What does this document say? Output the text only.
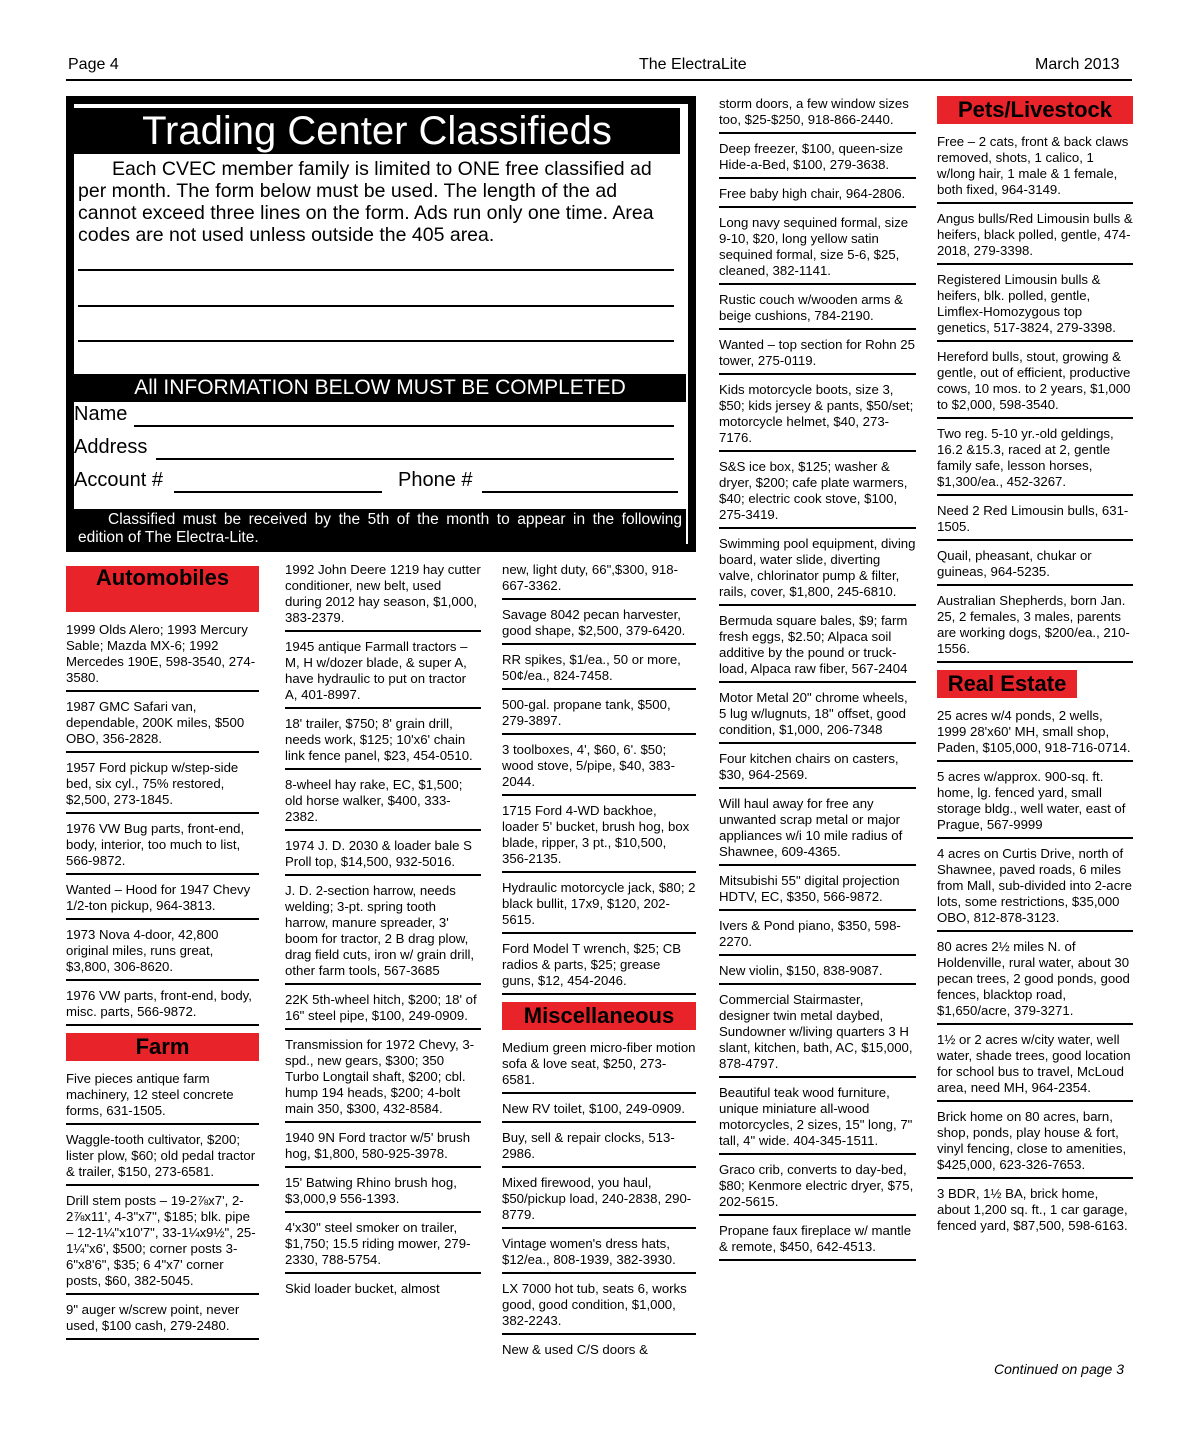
Page 4	The ElectraLite	March 2013
Trading Center Classifieds
Each CVEC member family is limited to ONE free classified ad per month. The form below must be used. The length of the ad cannot exceed three lines on the form. Ads run only one time. Area codes are not used unless outside the 405 area.
All INFORMATION BELOW MUST BE COMPLETED
Name
Address
Account #	Phone #
Classified must be received by the 5th of the month to appear in the following edition of The Electra-Lite.
Automobiles
1999 Olds Alero; 1993 Mercury Sable; Mazda MX-6; 1992 Mercedes 190E, 598-3540, 274-3580.
1987 GMC Safari van, dependable, 200K miles, $500 OBO, 356-2828.
1957 Ford pickup w/step-side bed, six cyl., 75% restored, $2,500, 273-1845.
1976 VW Bug parts, front-end, body, interior, too much to list, 566-9872.
Wanted – Hood for 1947 Chevy 1/2-ton pickup, 964-3813.
1973 Nova 4-door, 42,800 original miles, runs great, $3,800, 306-8620.
1976 VW parts, front-end, body, misc. parts, 566-9872.
Farm
Five pieces antique farm machinery, 12 steel concrete forms, 631-1505.
Waggle-tooth cultivator, $200; lister plow, $60; old pedal tractor & trailer, $150, 273-6581.
Drill stem posts – 19-2⅞x7', 2-2⅞x11', 4-3"x7", $185; blk. pipe – 12-1¼"x10'7", 33-1¼x9½", 25-1¼"x6', $500; corner posts 3-6"x8'6", $35; 6 4"x7' corner posts, $60, 382-5045.
9" auger w/screw point, never used, $100 cash, 279-2480.
1992 John Deere 1219 hay cutter conditioner, new belt, used during 2012 hay season, $1,000, 383-2379.
1945 antique Farmall tractors – M, H w/dozer blade, & super A, have hydraulic to put on tractor A, 401-8997.
18' trailer, $750; 8' grain drill, needs work, $125; 10'x6' chain link fence panel, $23, 454-0510.
8-wheel hay rake, EC, $1,500; old horse walker, $400, 333-2382.
1974 J. D. 2030 & loader bale S Proll top, $14,500, 932-5016.
J. D. 2-section harrow, needs welding; 3-pt. spring tooth harrow, manure spreader, 3' boom for tractor, 2 B drag plow, drag field cuts, iron w/ grain drill, other farm tools, 567-3685
22K 5th-wheel hitch, $200; 18' of 16" steel pipe, $100, 249-0909.
Transmission for 1972 Chevy, 3-spd., new gears, $300; 350 Turbo Longtail shaft, $200; cbl. hump 194 heads, $200; 4-bolt main 350, $300, 432-8584.
1940 9N Ford tractor w/5' brush hog, $1,800, 580-925-3978.
15' Batwing Rhino brush hog, $3,000,9 556-1393.
4'x30" steel smoker on trailer, $1,750; 15.5 riding mower, 279-2330, 788-5754.
Skid loader bucket, almost
new, light duty, 66",$300, 918-667-3362.
Savage 8042 pecan harvester, good shape, $2,500, 379-6420.
RR spikes, $1/ea., 50 or more, 50¢/ea., 824-7458.
500-gal. propane tank, $500, 279-3897.
3 toolboxes, 4', $60, 6'. $50; wood stove, 5/pipe, $40, 383-2044.
1715 Ford 4-WD backhoe, loader 5' bucket, brush hog, box blade, ripper, 3 pt., $10,500, 356-2135.
Hydraulic motorcycle jack, $80; 2 black bullit, 17x9, $120, 202-5615.
Ford Model T wrench, $25; CB radios & parts, $25; grease guns, $12, 454-2046.
Miscellaneous
Medium green micro-fiber motion sofa & love seat, $250, 273-6581.
New RV toilet, $100, 249-0909.
Buy, sell & repair clocks, 513-2986.
Mixed firewood, you haul, $50/pickup load, 240-2838, 290-8779.
Vintage women's dress hats, $12/ea., 808-1939, 382-3930.
LX 7000 hot tub, seats 6, works good, good condition, $1,000, 382-2243.
New & used C/S doors &
storm doors, a few window sizes too, $25-$250, 918-866-2440.
Deep freezer, $100, queen-size Hide-a-Bed, $100, 279-3638.
Free baby high chair, 964-2806.
Long navy sequined formal, size 9-10, $20, long yellow satin sequined formal, size 5-6, $25, cleaned, 382-1141.
Rustic couch w/wooden arms & beige cushions, 784-2190.
Wanted – top section for Rohn 25 tower, 275-0119.
Kids motorcycle boots, size 3, $50; kids jersey & pants, $50/set; motorcycle helmet, $40, 273-7176.
S&S ice box, $125; washer & dryer, $200; cafe plate warmers, $40; electric cook stove, $100, 275-3419.
Swimming pool equipment, diving board, water slide, diverting valve, chlorinator pump & filter, rails, cover, $1,800, 245-6810.
Bermuda square bales, $9; farm fresh eggs, $2.50; Alpaca soil additive by the pound or truck-load, Alpaca raw fiber, 567-2404
Motor Metal 20" chrome wheels, 5 lug w/lugnuts, 18" offset, good condition, $1,000, 206-7348
Four kitchen chairs on casters, $30, 964-2569.
Will haul away for free any unwanted scrap metal or major appliances w/i 10 mile radius of Shawnee, 609-4365.
Mitsubishi 55" digital projection HDTV, EC, $350, 566-9872.
Ivers & Pond piano, $350, 598-2270.
New violin, $150, 838-9087.
Commercial Stairmaster, designer twin metal daybed, Sundowner w/living quarters 3 H slant, kitchen, bath, AC, $15,000, 878-4797.
Beautiful teak wood furniture, unique miniature all-wood motorcycles, 2 sizes, 15" long, 7" tall, 4" wide. 404-345-1511.
Graco crib, converts to day-bed, $80; Kenmore electric dryer, $75, 202-5615.
Propane faux fireplace w/ mantle & remote, $450, 642-4513.
Pets/Livestock
Free – 2 cats, front & back claws removed, shots, 1 calico, 1 w/long hair, 1 male & 1 female, both fixed, 964-3149.
Angus bulls/Red Limousin bulls & heifers, black polled, gentle, 474-2018, 279-3398.
Registered Limousin bulls & heifers, blk. polled, gentle, Limflex-Homozygous top genetics, 517-3824, 279-3398.
Hereford bulls, stout, growing & gentle, out of efficient, productive cows, 10 mos. to 2 years, $1,000 to $2,000, 598-3540.
Two reg. 5-10 yr.-old geldings, 16.2 &15.3, raced at 2, gentle family safe, lesson horses, $1,300/ea., 452-3267.
Need 2 Red Limousin bulls, 631-1505.
Quail, pheasant, chukar or guineas, 964-5235.
Australian Shepherds, born Jan. 25, 2 females, 3 males, parents are working dogs, $200/ea., 210-1556.
Real Estate
25 acres w/4 ponds, 2 wells, 1999 28'x60' MH, small shop, Paden, $105,000, 918-716-0714.
5 acres w/approx. 900-sq. ft. home, lg. fenced yard, small storage bldg., well water, east of Prague, 567-9999
4 acres on Curtis Drive, north of Shawnee, paved roads, 6 miles from Mall, sub-divided into 2-acre lots, some restrictions, $35,000 OBO, 812-878-3123.
80 acres 2½ miles N. of Holdenville, rural water, about 30 pecan trees, 2 good ponds, good fences, blacktop road, $1,650/acre, 379-3271.
1½ or 2 acres w/city water, well water, shade trees, good location for school bus to travel, McLoud area, need MH, 964-2354.
Brick home on 80 acres, barn, shop, ponds, play house & fort, vinyl fencing, close to amenities, $425,000, 623-326-7653.
3 BDR, 1½ BA, brick home, about 1,200 sq. ft., 1 car garage, fenced yard, $87,500, 598-6163.
Continued on page 3
